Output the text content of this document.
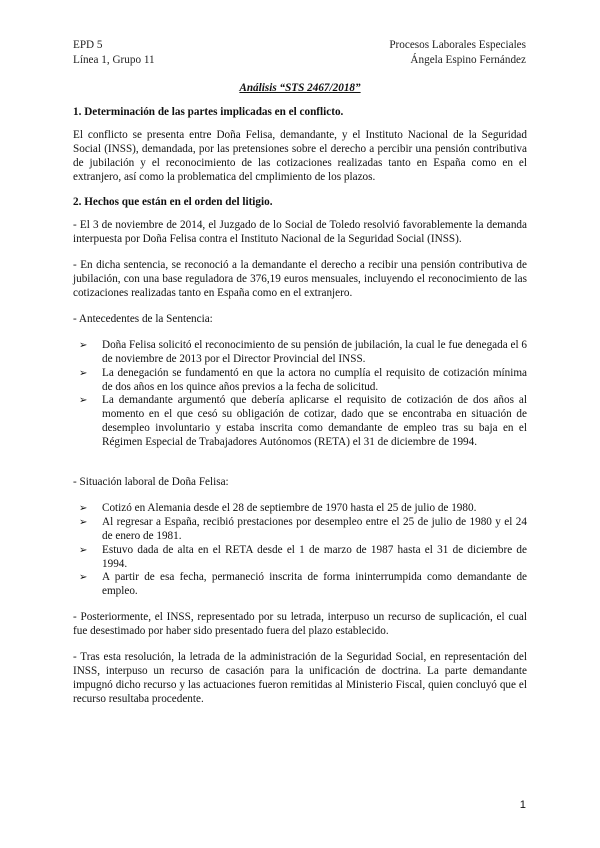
EPD 5
Línea 1, Grupo 11
Procesos Laborales Especiales
Ángela Espino Fernández
Análisis “STS 2467/2018”
1. Determinación de las partes implicadas en el conflicto.

El conflicto se presenta entre Doña Felisa, demandante, y el Instituto Nacional de la Seguridad Social (INSS), demandada, por las pretensiones sobre el derecho a percibir una pensión contributiva de jubilación y el reconocimiento de las cotizaciones realizadas tanto en España como en el extranjero, así como la problematica del cmplimiento de los plazos.

2. Hechos que están en el orden del litigio.

- El 3 de noviembre de 2014, el Juzgado de lo Social de Toledo resolvió favorablemente la demanda interpuesta por Doña Felisa contra el Instituto Nacional de la Seguridad Social (INSS).

- En dicha sentencia, se reconoció a la demandante el derecho a recibir una pensión contributiva de jubilación, con una base reguladora de 376,19 euros mensuales, incluyendo el reconocimiento de las cotizaciones realizadas tanto en España como en el extranjero.

- Antecedentes de la Sentencia:

➢ Doña Felisa solicitó el reconocimiento de su pensión de jubilación, la cual le fue denegada el 6 de noviembre de 2013 por el Director Provincial del INSS.
➢ La denegación se fundamentó en que la actora no cumplía el requisito de cotización mínima de dos años en los quince años previos a la fecha de solicitud.
➢ La demandante argumentó que debería aplicarse el requisito de cotización de dos años al momento en el que cesó su obligación de cotizar, dado que se encontraba en situación de desempleo involuntario y estaba inscrita como demandante de empleo tras su baja en el Régimen Especial de Trabajadores Autónomos (RETA) el 31 de diciembre de 1994.

- Situación laboral de Doña Felisa:

➢ Cotizó en Alemania desde el 28 de septiembre de 1970 hasta el 25 de julio de 1980.
➢ Al regresar a España, recibió prestaciones por desempleo entre el 25 de julio de 1980 y el 24 de enero de 1981.
➢ Estuvo dada de alta en el RETA desde el 1 de marzo de 1987 hasta el 31 de diciembre de 1994.
➢ A partir de esa fecha, permaneció inscrita de forma ininterrumpida como demandante de empleo.

- Posteriormente, el INSS, representado por su letrada, interpuso un recurso de suplicación, el cual fue desestimado por haber sido presentado fuera del plazo establecido.

- Tras esta resolución, la letrada de la administración de la Seguridad Social, en representación del INSS, interpuso un recurso de casación para la unificación de doctrina. La parte demandante impugnó dicho recurso y las actuaciones fueron remitidas al Ministerio Fiscal, quien concluyó que el recurso resultaba procedente.

1
